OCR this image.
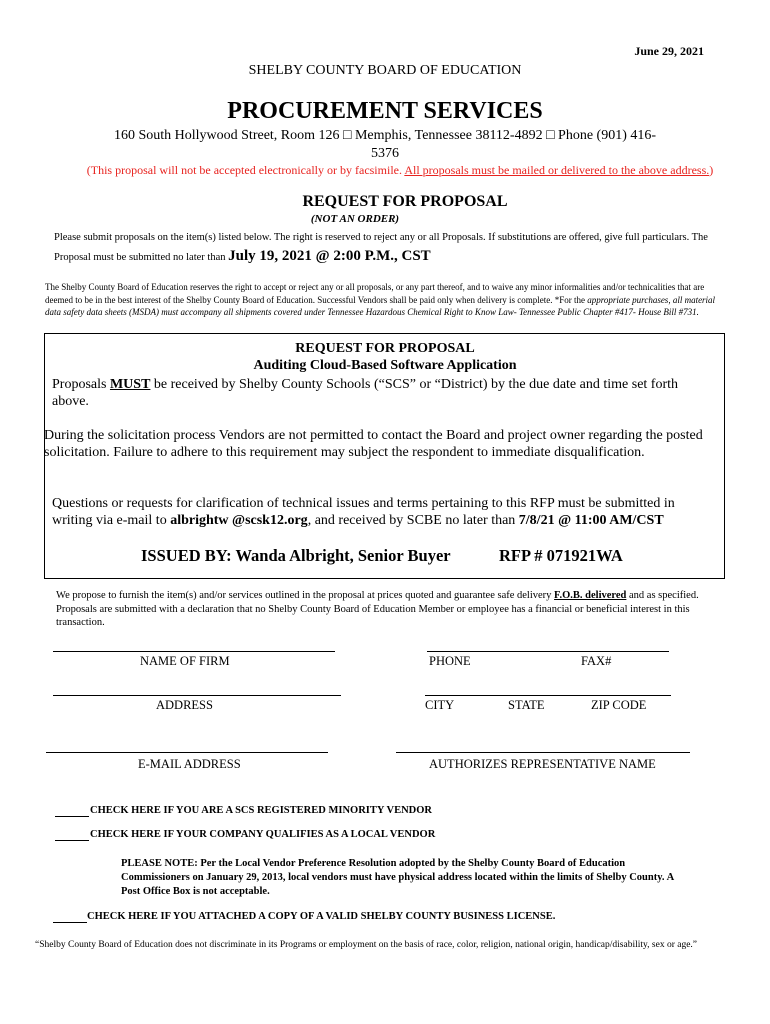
June 29, 2021
SHELBY COUNTY BOARD OF EDUCATION
PROCUREMENT SERVICES
160 South Hollywood Street, Room 126 □ Memphis, Tennessee 38112-4892 □ Phone (901) 416-5376
(This proposal will not be accepted electronically or by facsimile. All proposals must be mailed or delivered to the above address.)
REQUEST FOR PROPOSAL
(NOT AN ORDER)
Please submit proposals on the item(s) listed below. The right is reserved to reject any or all Proposals. If substitutions are offered, give full particulars. The Proposal must be submitted no later than July 19, 2021 @ 2:00 P.M., CST
The Shelby County Board of Education reserves the right to accept or reject any or all proposals, or any part thereof, and to waive any minor informalities and/or technicalities that are deemed to be in the best interest of the Shelby County Board of Education. Successful Vendors shall be paid only when delivery is complete. *For the appropriate purchases, all material data safety data sheets (MSDA) must accompany all shipments covered under Tennessee Hazardous Chemical Right to Know Law- Tennessee Public Chapter #417- House Bill #731.
REQUEST FOR PROPOSAL
Auditing Cloud-Based Software Application
Proposals MUST be received by Shelby County Schools (“SCS” or “District) by the due date and time set forth above.
During the solicitation process Vendors are not permitted to contact the Board and project owner regarding the posted solicitation. Failure to adhere to this requirement may subject the respondent to immediate disqualification.
Questions or requests for clarification of technical issues and terms pertaining to this RFP must be submitted in writing via e-mail to albrightw @scsk12.org, and received by SCBE no later than 7/8/21 @ 11:00 AM/CST
ISSUED BY: Wanda Albright, Senior Buyer	RFP # 071921WA
We propose to furnish the item(s) and/or services outlined in the proposal at prices quoted and guarantee safe delivery F.O.B. delivered and as specified. Proposals are submitted with a declaration that no Shelby County Board of Education Member or employee has a financial or beneficial interest in this transaction.
NAME OF FIRM	PHONE	FAX#
ADDRESS	CITY	STATE	ZIP CODE
E-MAIL ADDRESS	AUTHORIZES REPRESENTATIVE NAME
CHECK HERE IF YOU ARE A SCS REGISTERED MINORITY VENDOR
CHECK HERE IF YOUR COMPANY QUALIFIES AS A LOCAL VENDOR
PLEASE NOTE: Per the Local Vendor Preference Resolution adopted by the Shelby County Board of Education Commissioners on January 29, 2013, local vendors must have physical address located within the limits of Shelby County. A Post Office Box is not acceptable.
CHECK HERE IF YOU ATTACHED A COPY OF A VALID SHELBY COUNTY BUSINESS LICENSE.
“Shelby County Board of Education does not discriminate in its Programs or employment on the basis of race, color, religion, national origin, handicap/disability, sex or age.”
